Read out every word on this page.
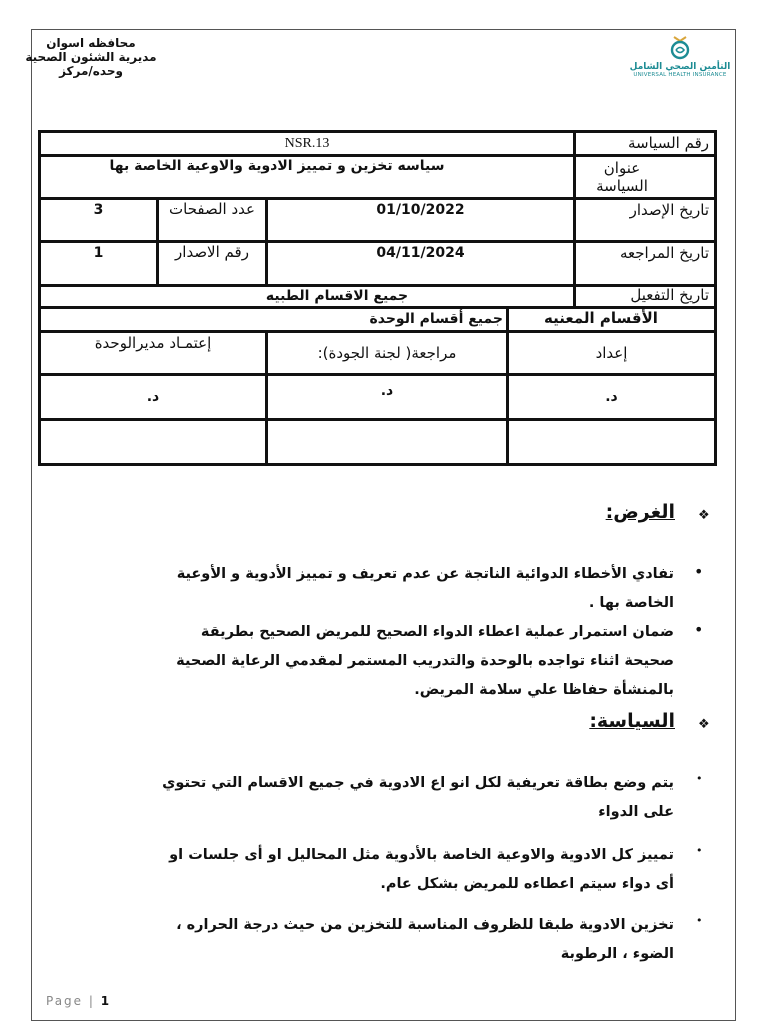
محافظه اسوان
مديرية الشئون الصحية
وحده/مركز	التأمين الصحي الشامل
UNIVERSAL HEALTH INSURANCE
رقم السياسة
NSR.13
عنوان السياسة
سياسه تخزين و تمييز الادوية والاوعية الخاصة بها
تاريخ الإصدار
01/10/2022
عدد الصفحات
3
تاريخ المراجعه
04/11/2024
رقم الاصدار
1
تاريخ التفعيل
جميع الاقسام الطبيه
الأقسام المعنيه
جميع أقسام الوحدة
إعداد
مراجعة( لجنة الجودة):
إعتمـاد مديرالوحدة
د.
د.
د.
❖
الغرض:
•
تفادي الأخطاء الدوائية الناتجة عن عدم تعريف و تمييز الأدوية و الأوعية
الخاصة بها .
•
ضمان استمرار عملية اعطاء الدواء الصحيح للمريض الصحيح بطريقة
صحيحة اثناء تواجده بالوحدة والتدريب المستمر لمقدمي الرعاية الصحية
بالمنشأة حفاظا علي سلامة المريض.
❖
السياسة:
•
يتم وضع بطاقة تعريفية لكل انو اع الادوية في جميع الاقسام التي تحتوي
على الدواء
•
تمييز كل الادوية والاوعية الخاصة بالأدوية مثل المحاليل او أى جلسات او
أى دواء سيتم اعطاءه للمريض بشكل عام.
•
تخزين الادوية طبقا للظروف المناسبة للتخزين من حيث درجة الحراره ،
الضوء ، الرطوبة
Page | 1
